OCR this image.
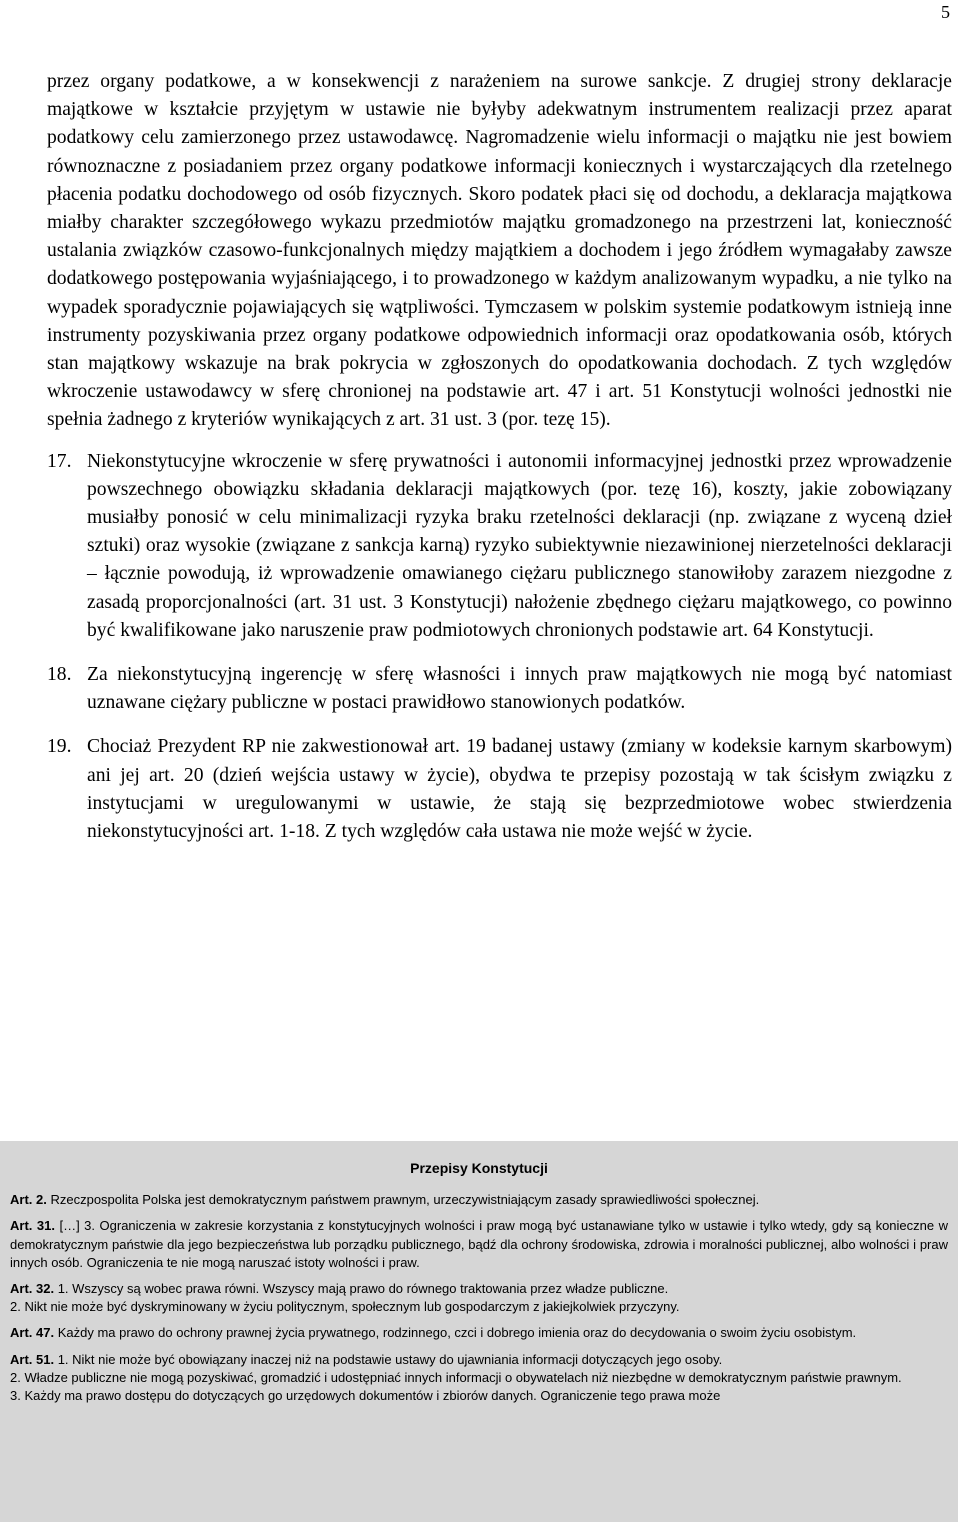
5

przez organy podatkowe, a w konsekwencji z narażeniem na surowe sankcje. Z drugiej strony deklaracje majątkowe w kształcie przyjętym w ustawie nie byłyby adekwatnym instrumentem realizacji przez aparat podatkowy celu zamierzonego przez ustawodawcę. Nagromadzenie wielu informacji o majątku nie jest bowiem równoznaczne z posiadaniem przez organy podatkowe informacji koniecznych i wystarczających dla rzetelnego płacenia podatku dochodowego od osób fizycznych. Skoro podatek płaci się od dochodu, a deklaracja majątkowa miałby charakter szczegółowego wykazu przedmiotów majątku gromadzonego na przestrzeni lat, konieczność ustalania związków czasowo-funkcjonalnych między majątkiem a dochodem i jego źródłem wymagałaby zawsze dodatkowego postępowania wyjaśniającego, i to prowadzonego w każdym analizowanym wypadku, a nie tylko na wypadek sporadycznie pojawiających się wątpliwości. Tymczasem w polskim systemie podatkowym istnieją inne instrumenty pozyskiwania przez organy podatkowe odpowiednich informacji oraz opodatkowania osób, których stan majątkowy wskazuje na brak pokrycia w zgłoszonych do opodatkowania dochodach. Z tych względów wkroczenie ustawodawcy w sferę chronionej na podstawie art. 47 i art. 51 Konstytucji wolności jednostki nie spełnia żadnego z kryteriów wynikających z art. 31 ust. 3 (por. tezę 15).

17. Niekonstytucyjne wkroczenie w sferę prywatności i autonomii informacyjnej jednostki przez wprowadzenie powszechnego obowiązku składania deklaracji majątkowych (por. tezę 16), koszty, jakie zobowiązany musiałby ponosić w celu minimalizacji ryzyka braku rzetelności deklaracji (np. związane z wyceną dzieł sztuki) oraz wysokie (związane z sankcja karną) ryzyko subiektywnie niezawinionej nierzetelności deklaracji – łącznie powodują, iż wprowadzenie omawianego ciężaru publicznego stanowiłoby zarazem niezgodne z zasadą proporcjonalności (art. 31 ust. 3 Konstytucji) nałożenie zbędnego ciężaru majątkowego, co powinno być kwalifikowane jako naruszenie praw podmiotowych chronionych podstawie art. 64 Konstytucji.
18. Za niekonstytucyjną ingerencję w sferę własności i innych praw majątkowych nie mogą być natomiast uznawane ciężary publiczne w postaci prawidłowo stanowionych podatków.
19. Chociaż Prezydent RP nie zakwestionował art. 19 badanej ustawy (zmiany w kodeksie karnym skarbowym) ani jej art. 20 (dzień wejścia ustawy w życie), obydwa te przepisy pozostają w tak ścisłym związku z instytucjami w uregulowanymi w ustawie, że stają się bezprzedmiotowe wobec stwierdzenia niekonstytucyjności art. 1-18. Z tych względów cała ustawa nie może wejść w życie.
Przepisy Konstytucji

Art. 2. Rzeczpospolita Polska jest demokratycznym państwem prawnym, urzeczywistniającym zasady sprawiedliwości społecznej.

Art. 31. […] 3. Ograniczenia w zakresie korzystania z konstytucyjnych wolności i praw mogą być ustanawiane tylko w ustawie i tylko wtedy, gdy są konieczne w demokratycznym państwie dla jego bezpieczeństwa lub porządku publicznego, bądź dla ochrony środowiska, zdrowia i moralności publicznej, albo wolności i praw innych osób. Ograniczenia te nie mogą naruszać istoty wolności i praw.

Art. 32. 1. Wszyscy są wobec prawa równi. Wszyscy mają prawo do równego traktowania przez władze publiczne.

2. Nikt nie może być dyskryminowany w życiu politycznym, społecznym lub gospodarczym z jakiejkolwiek przyczyny.

Art. 47. Każdy ma prawo do ochrony prawnej życia prywatnego, rodzinnego, czci i dobrego imienia oraz do decydowania o swoim życiu osobistym.

Art. 51. 1. Nikt nie może być obowiązany inaczej niż na podstawie ustawy do ujawniania informacji dotyczących jego osoby.

2. Władze publiczne nie mogą pozyskiwać, gromadzić i udostępniać innych informacji o obywatelach niż niezbędne w demokratycznym państwie prawnym.

3. Każdy ma prawo dostępu do dotyczących go urzędowych dokumentów i zbiorów danych. Ograniczenie tego prawa może
